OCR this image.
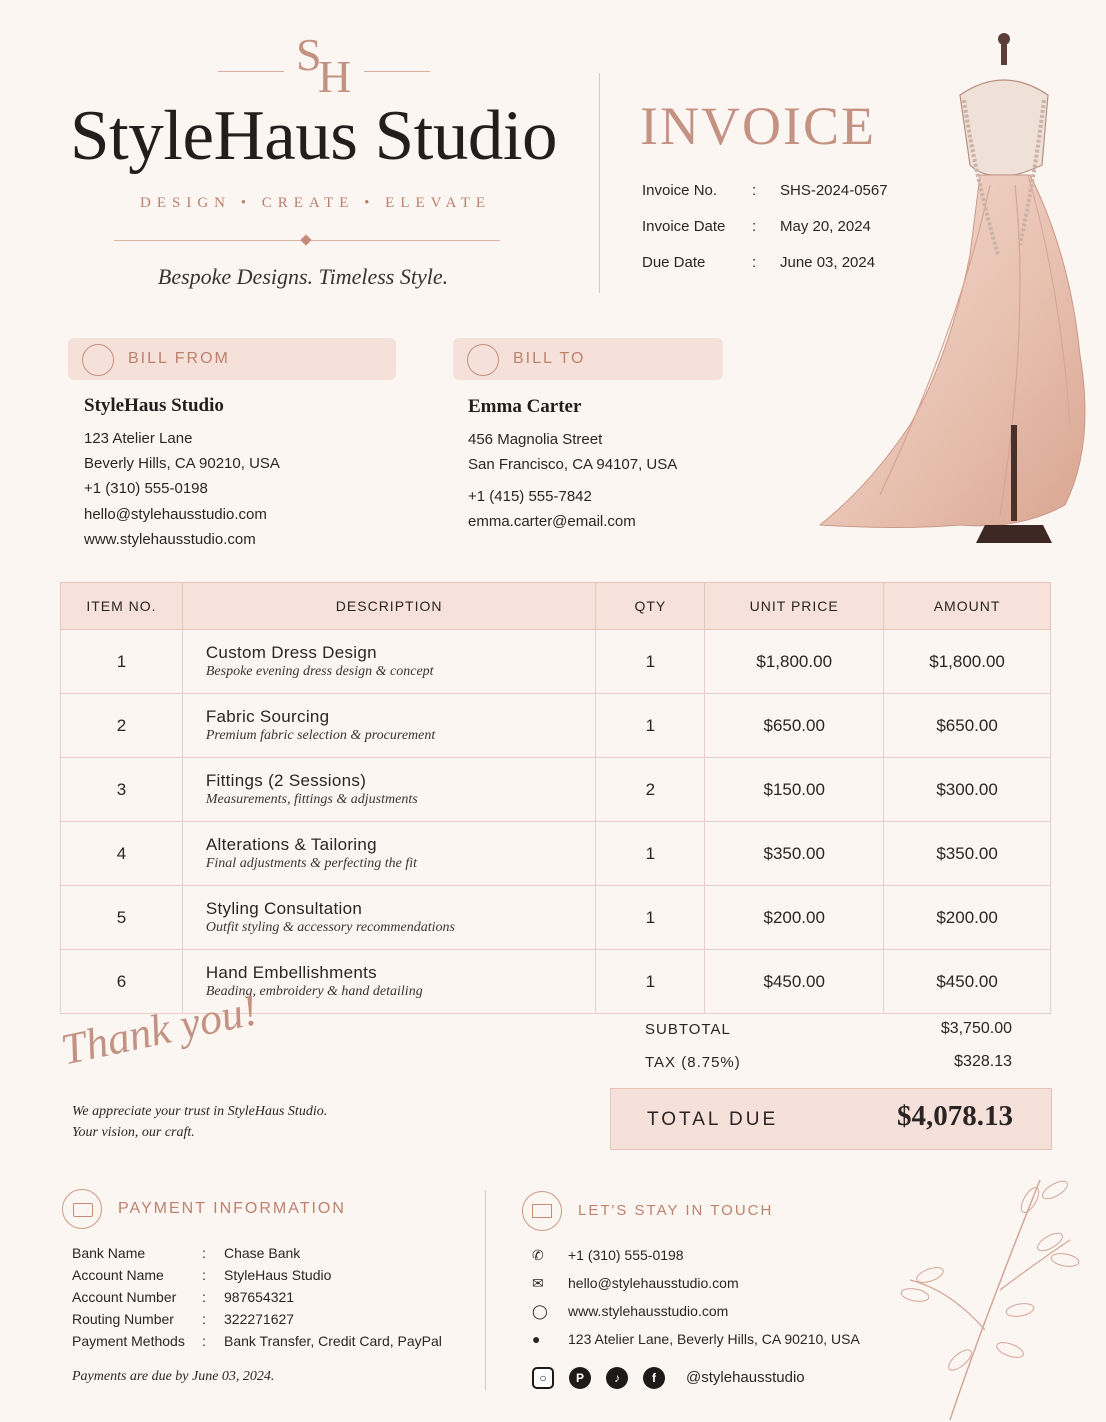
S
H
StyleHaus Studio
DESIGN • CREATE • ELEVATE
Bespoke Designs. Timeless Style.
INVOICE
Invoice No. : SHS-2024-0567
Invoice Date : May 20, 2024
Due Date	: June 03, 2024
BILL FROM
StyleHaus Studio
123 Atelier Lane
Beverly Hills, CA 90210, USA
+1 (310) 555-0198
hello@stylehausstudio.com
www.stylehausstudio.com
BILL TO
Emma Carter
456 Magnolia Street
San Francisco, CA 94107, USA
+1 (415) 555-7842
emma.carter@email.com
ITEM NO.	DESCRIPTION	QTY	UNIT PRICE	AMOUNT
1	Custom Dress Design
Bespoke evening dress design & concept	1	$1,800.00	$1,800.00
2	Fabric Sourcing
Premium fabric selection & procurement	1	$650.00	$650.00
3	Fittings (2 Sessions)
Measurements, fittings & adjustments	2	$150.00	$300.00
4	Alterations & Tailoring
Final adjustments & perfecting the fit	1	$350.00	$350.00
5	Styling Consultation
Outfit styling & accessory recommendations	1	$200.00	$200.00
6	Hand Embellishments
Beading, embroidery & hand detailing	1	$450.00	$450.00
SUBTOTAL	$3,750.00
TAX (8.75%)	$328.13
TOTAL DUE	$4,078.13
Thank you!
We appreciate your trust in StyleHaus Studio.
Your vision, our craft.
PAYMENT INFORMATION
Bank Name	: Chase Bank
Account Name	: StyleHaus Studio
Account Number : 987654321
Routing Number : 322271627
Payment Methods : Bank Transfer, Credit Card, PayPal
Payments are due by June 03, 2024.
LET'S STAY IN TOUCH
✆ +1 (310) 555-0198
✉ hello@stylehausstudio.com
◯ www.stylehausstudio.com
● 123 Atelier Lane, Beverly Hills, CA 90210, USA
○	P	♪	f	@stylehausstudio
